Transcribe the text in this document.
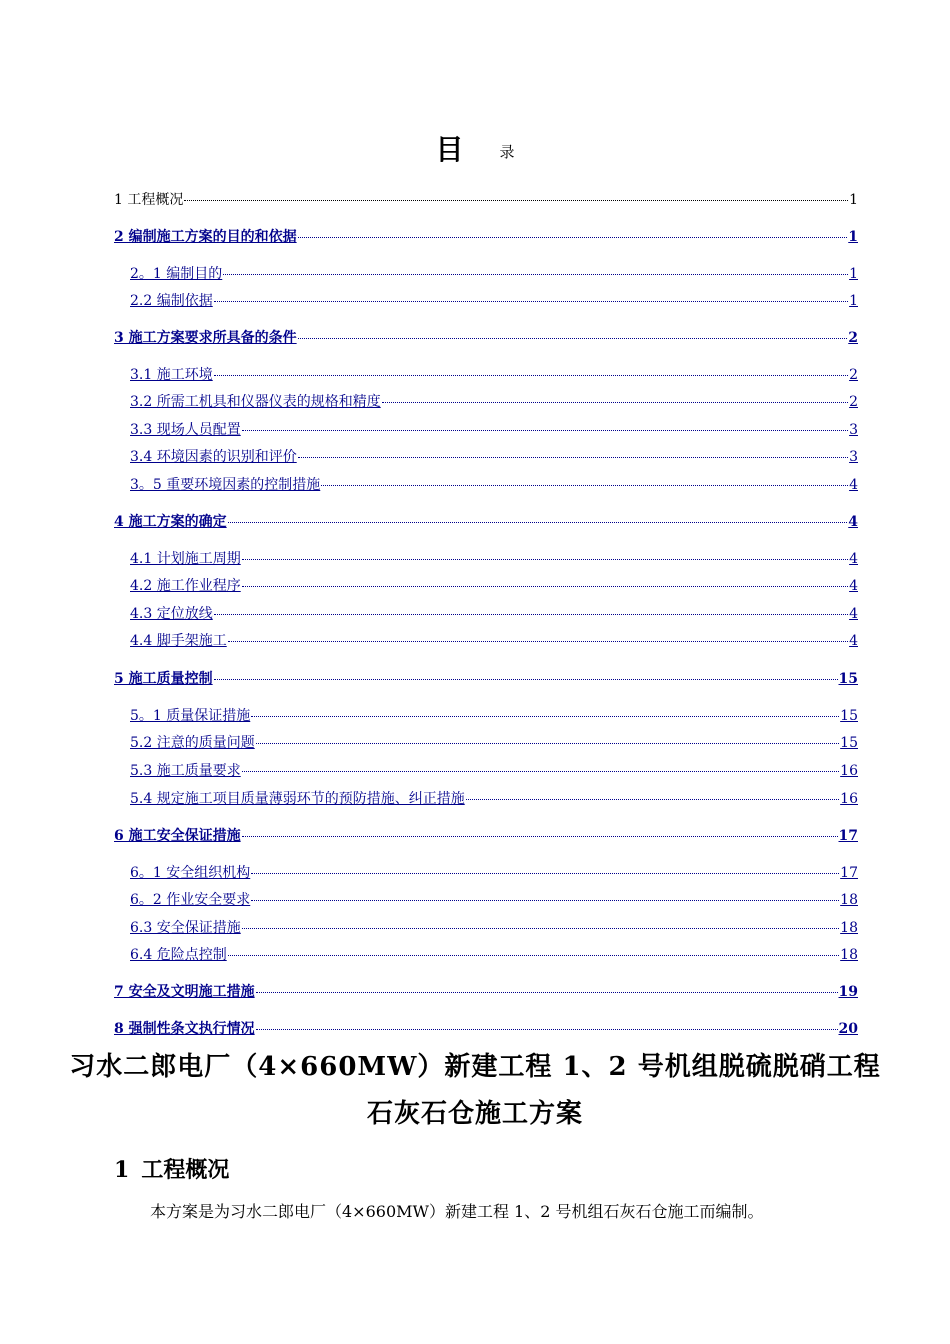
目 录
1 工程概况	1
2 编制施工方案的目的和依据	1
2。1 编制目的	1
2.2 编制依据	1
3 施工方案要求所具备的条件	2
3.1 施工环境	2
3.2 所需工机具和仪器仪表的规格和精度	2
3.3 现场人员配置	3
3.4 环境因素的识别和评价	3
3。5 重要环境因素的控制措施	4
4 施工方案的确定	4
4.1 计划施工周期	4
4.2 施工作业程序	4
4.3 定位放线	4
4.4 脚手架施工	4
5 施工质量控制	15
5。1 质量保证措施	15
5.2 注意的质量问题	15
5.3 施工质量要求	16
5.4 规定施工项目质量薄弱环节的预防措施、纠正措施	16
6 施工安全保证措施	17
6。1 安全组织机构	17
6。2 作业安全要求	18
6.3 安全保证措施	18
6.4 危险点控制	18
7 安全及文明施工措施	19
8 强制性条文执行情况	20
习水二郎电厂（4×660MW）新建工程 1、2 号机组脱硫脱硝工程
石灰石仓施工方案
1 工程概况
本方案是为习水二郎电厂（4×660MW）新建工程 1、2 号机组石灰石仓施工而编制。
